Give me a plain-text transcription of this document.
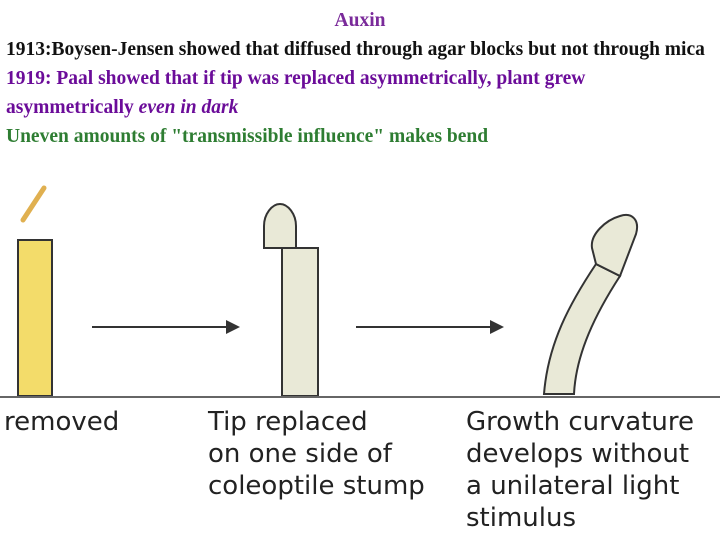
Auxin
1913:Boysen-Jensen showed that diffused through agar blocks but not through mica
1919: Paal showed that if tip was replaced asymmetrically, plant grew asymmetrically even in dark
Uneven amounts of "transmissible influence" makes bend
removed	Tip replaced
on one side of
coleoptile stump
Growth curvature
develops without
a unilateral light
stimulus
